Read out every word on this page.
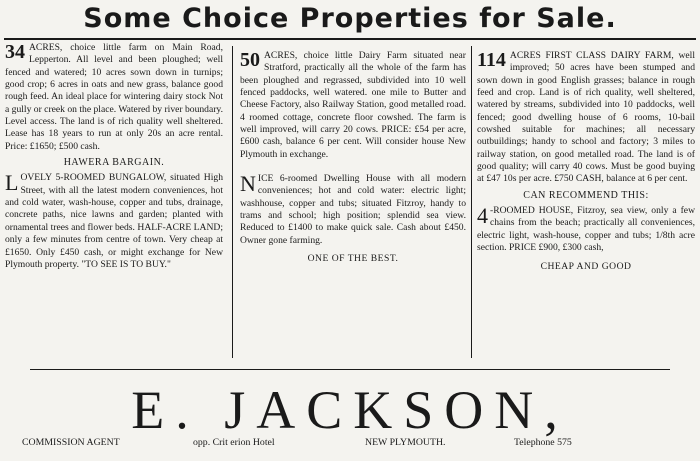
Some Choice Properties for Sale.

34 ACRES, choice little farm on Main Road, Lepperton. All level and been ploughed; well fenced and watered; 10 acres sown down in turnips; good crop; 6 acres in oats and new grass, balance good rough feed. An ideal place for wintering dairy stock Not a gully or creek on the place. Watered by river boundary. Level access. The land is of rich quality well sheltered. Lease has 18 years to run at only 20s an acre rental. Price: £1650; £500 cash.

HAWERA BARGAIN.

LOVELY 5-ROOMED BUNGALOW, situated High Street, with all the latest modern conveniences, hot and cold water, wash-house, copper and tubs, drainage, concrete paths, nice lawns and garden; planted with ornamental trees and flower beds. HALF-ACRE LAND; only a few minutes from centre of town. Very cheap at £1650. Only £450 cash, or might exchange for New Plymouth property. "TO SEE IS TO BUY."

50 ACRES, choice little Dairy Farm situated near Stratford, practically all the whole of the farm has been ploughed and regrassed, subdivided into 10 well fenced paddocks, well watered. one mile to Butter and Cheese Factory, also Railway Station, good metalled road. 4 roomed cottage, concrete floor cowshed. The farm is well improved, will carry 20 cows. PRICE: £54 per acre, £600 cash, balance 6 per cent. Will consider house New Plymouth in exchange.

NICE 6-roomed Dwelling House with all modern conveniences; hot and cold water: electric light; washhouse, copper and tubs; situated Fitzroy, handy to trams and school; high position; splendid sea view. Reduced to £1400 to make quick sale. Cash about £450. Owner gone farming.

ONE OF THE BEST.

114 ACRES FIRST CLASS DAIRY FARM, well improved; 50 acres have been stumped and sown down in good English grasses; balance in rough feed and crop. Land is of rich quality, well sheltered, watered by streams, subdivided into 10 paddocks, well fenced; good dwelling house of 6 rooms, 10-bail cowshed suitable for machines; all necessary outbuildings; handy to school and factory; 3 miles to railway station, on good metalled road. The land is of good quality; will carry 40 cows. Must be good buying at £47 10s per acre. £750 CASH, balance at 6 per cent.

CAN RECOMMEND THIS:

4 -ROOMED HOUSE, Fitzroy, sea view, only a few chains from the beach; practically all conveniences, electric light, wash-house, copper and tubs; 1/8th acre section. PRICE £900, £300 cash,

CHEAP AND GOOD
E. JACKSON,
COMMISSION AGENT	opp. Crit erion Hotel	NEW PLYMOUTH.	Telephone 575
